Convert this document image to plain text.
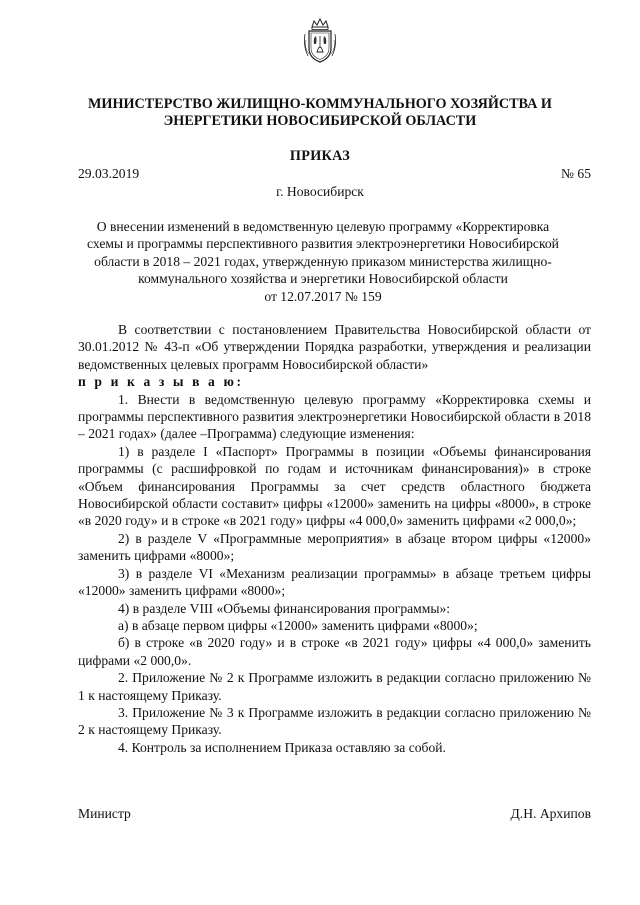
МИНИСТЕРСТВО ЖИЛИЩНО-КОММУНАЛЬНОГО ХОЗЯЙСТВА И
ЭНЕРГЕТИКИ НОВОСИБИРСКОЙ ОБЛАСТИ
ПРИКАЗ
29.03.2019	№ 65
г. Новосибирск
О внесении изменений в ведомственную целевую программу «Корректировка
схемы и программы перспективного развития электроэнергетики Новосибирской
области в 2018 – 2021 годах, утвержденную приказом министерства жилищно-
коммунального хозяйства и энергетики Новосибирской области
от 12.07.2017 № 159

В соответствии с постановлением Правительства Новосибирской области от 30.01.2012 № 43-п «Об утверждении Порядка разработки, утверждения и реализации ведомственных целевых программ Новосибирской области»

п р и к а з ы в а ю:

1. Внести в ведомственную целевую программу «Корректировка схемы и программы перспективного развития электроэнергетики Новосибирской области в 2018 – 2021 годах» (далее –Программа) следующие изменения:

1) в разделе I «Паспорт» Программы в позиции «Объемы финансирования программы (с расшифровкой по годам и источникам финансирования)» в строке «Объем финансирования Программы за счет средств областного бюджета Новосибирской области составит» цифры «12000» заменить на цифры «8000», в строке «в 2020 году» и в строке «в 2021 году» цифры «4 000,0» заменить цифрами «2 000,0»;

2) в разделе V «Программные мероприятия» в абзаце втором цифры «12000» заменить цифрами «8000»;

3) в разделе VI «Механизм реализации программы» в абзаце третьем цифры «12000» заменить цифрами «8000»;

4) в разделе VIII «Объемы финансирования программы»:

а) в абзаце первом цифры «12000» заменить цифрами «8000»;

б) в строке «в 2020 году» и в строке «в 2021 году» цифры «4 000,0» заменить цифрами «2 000,0».

2. Приложение № 2 к Программе изложить в редакции согласно приложению № 1 к настоящему Приказу.

3. Приложение № 3 к Программе изложить в редакции согласно приложению № 2 к настоящему Приказу.

4. Контроль за исполнением Приказа оставляю за собой.

Министр	Д.Н. Архипов
